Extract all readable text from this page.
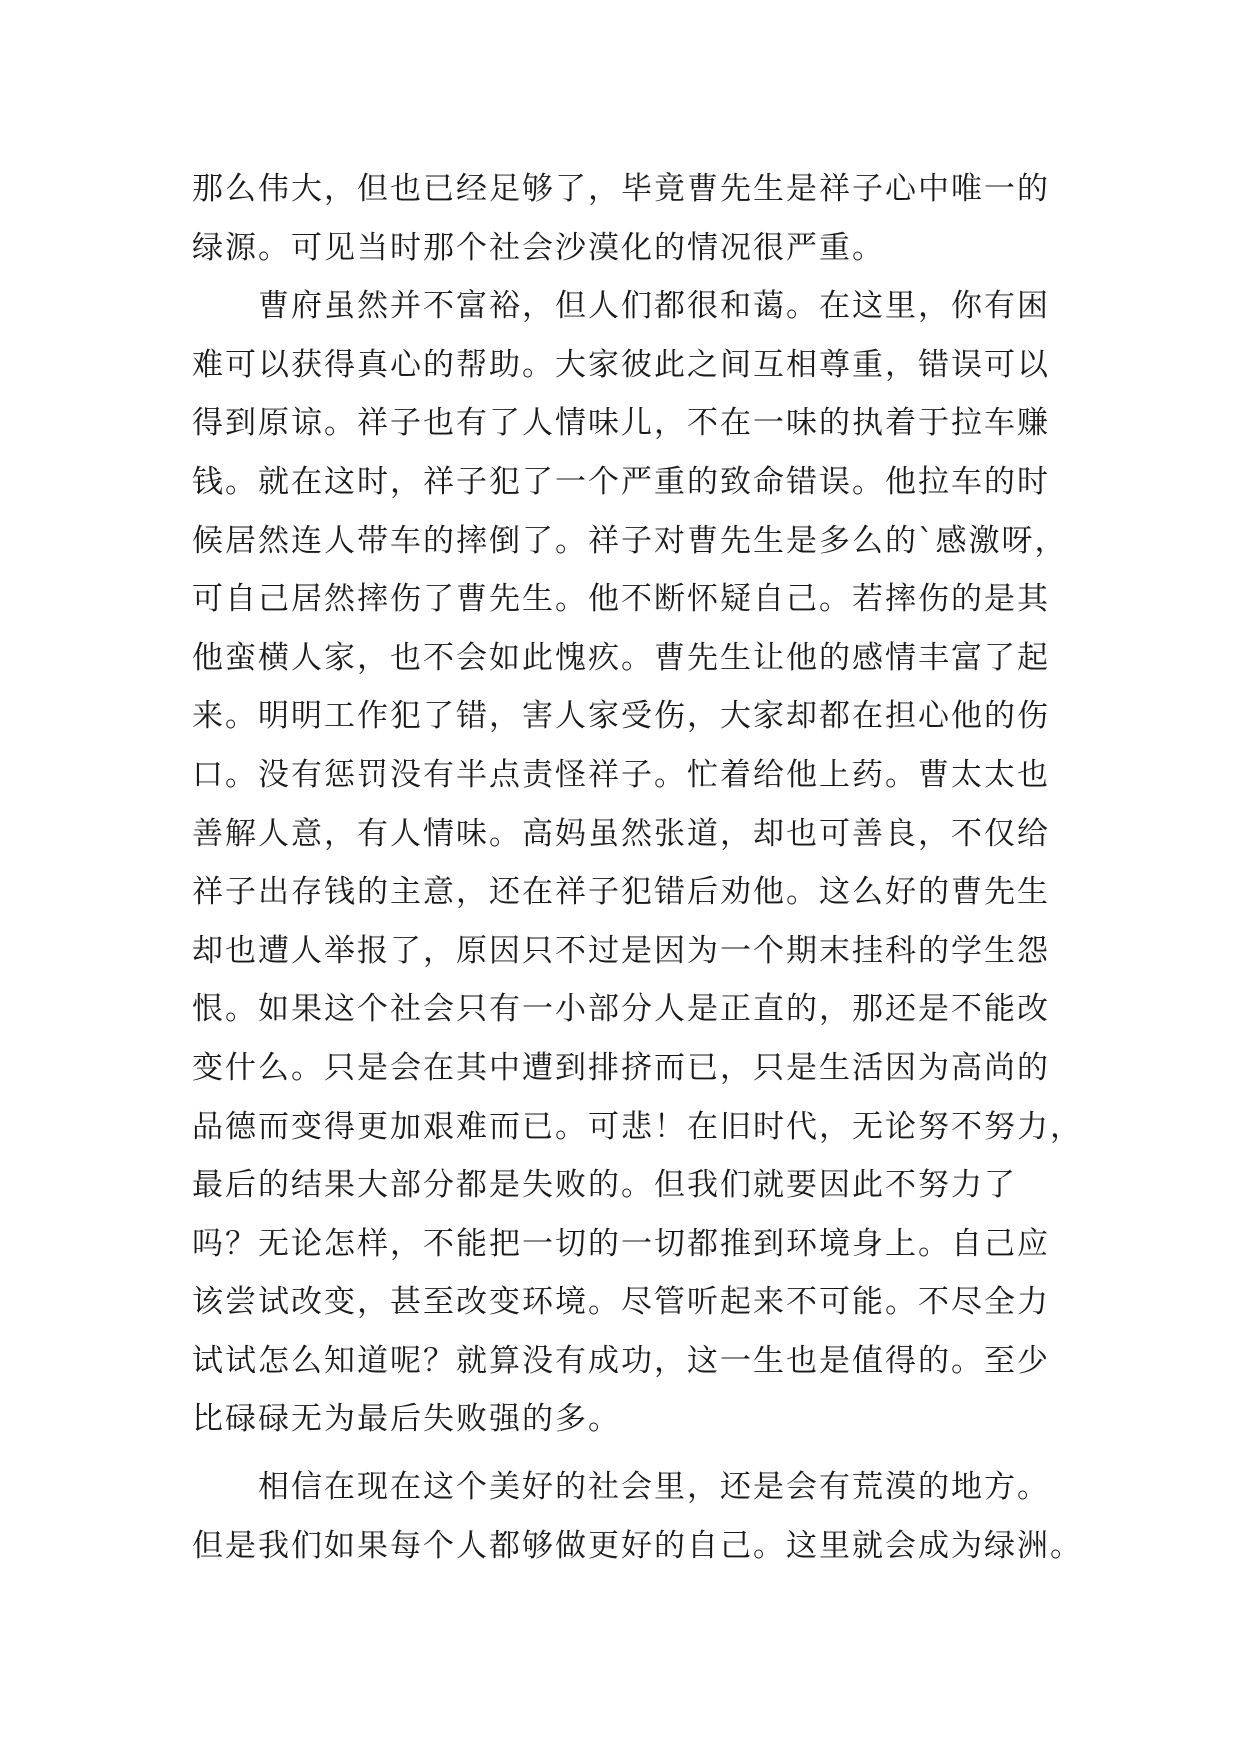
那么伟大，但也已经足够了，毕竟曹先生是祥子心中唯一的
绿源。可见当时那个社会沙漠化的情况很严重。
曹府虽然并不富裕，但人们都很和蔼。在这里，你有困
难可以获得真心的帮助。大家彼此之间互相尊重，错误可以
得到原谅。祥子也有了人情味儿，不在一味的执着于拉车赚
钱。就在这时，祥子犯了一个严重的致命错误。他拉车的时
候居然连人带车的摔倒了。祥子对曹先生是多么的`感激呀，
可自己居然摔伤了曹先生。他不断怀疑自己。若摔伤的是其
他蛮横人家，也不会如此愧疚。曹先生让他的感情丰富了起
来。明明工作犯了错，害人家受伤，大家却都在担心他的伤
口。没有惩罚没有半点责怪祥子。忙着给他上药。曹太太也
善解人意，有人情味。高妈虽然张道，却也可善良，不仅给
祥子出存钱的主意，还在祥子犯错后劝他。这么好的曹先生
却也遭人举报了，原因只不过是因为一个期末挂科的学生怨
恨。如果这个社会只有一小部分人是正直的，那还是不能改
变什么。只是会在其中遭到排挤而已，只是生活因为高尚的
品德而变得更加艰难而已。可悲！在旧时代，无论努不努力，
最后的结果大部分都是失败的。但我们就要因此不努力了
吗？无论怎样，不能把一切的一切都推到环境身上。自己应
该尝试改变，甚至改变环境。尽管听起来不可能。不尽全力
试试怎么知道呢？就算没有成功，这一生也是值得的。至少
比碌碌无为最后失败强的多。
相信在现在这个美好的社会里，还是会有荒漠的地方。
但是我们如果每个人都够做更好的自己。这里就会成为绿洲。
